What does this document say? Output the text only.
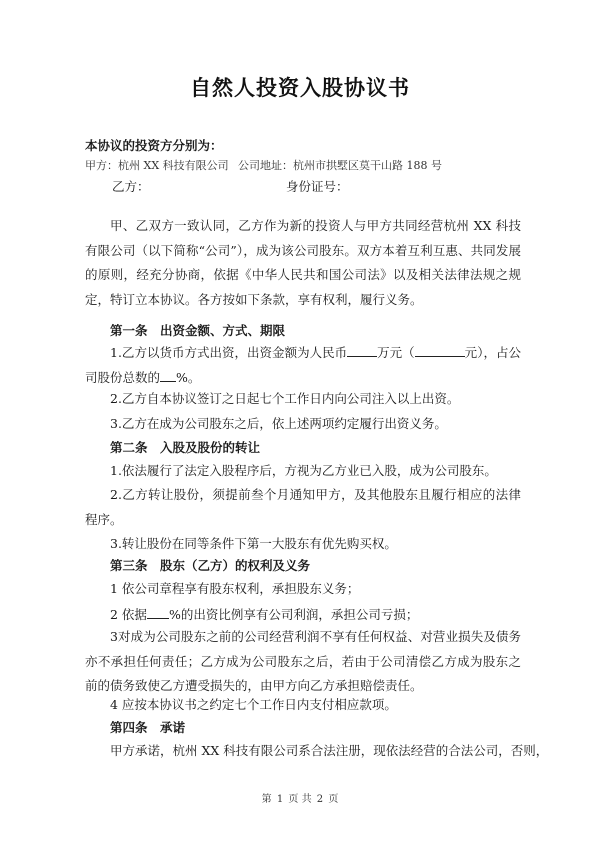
自然人投资入股协议书
本协议的投资方分别为：
甲方：杭州 XX 科技有限公司 公司地址：杭州市拱墅区莫干山路 188 号
乙方：	身份证号：
甲、乙双方一致认同，乙方作为新的投资人与甲方共同经营杭州 XX 科技有限公司（以下简称“公司”），成为该公司股东。双方本着互利互惠、共同发展的原则，经充分协商，依据《中华人民共和国公司法》以及相关法律法规之规定，特订立本协议。各方按如下条款，享有权利，履行义务。
第一条　出资金额、方式、期限
1.乙方以货币方式出资，出资金额为人民币 万元（	元），占公司股份总数的 %。
2.乙方自本协议签订之日起七个工作日内向公司注入以上出资。
3.乙方在成为公司股东之后，依上述两项约定履行出资义务。
第二条　入股及股份的转让
1.依法履行了法定入股程序后，方视为乙方业已入股，成为公司股东。
2.乙方转让股份，须提前叁个月通知甲方，及其他股东且履行相应的法律程序。
3.转让股份在同等条件下第一大股东有优先购买权。
第三条　股东（乙方）的权利及义务
1 依公司章程享有股东权利，承担股东义务；
2 依据 %的出资比例享有公司利润，承担公司亏损；
3对成为公司股东之前的公司经营利润不享有任何权益、对营业损失及债务亦不承担任何责任；乙方成为公司股东之后，若由于公司清偿乙方成为股东之前的债务致使乙方遭受损失的，由甲方向乙方承担赔偿责任。
4 应按本协议书之约定七个工作日内支付相应款项。
第四条　承诺
甲方承诺，杭州 XX 科技有限公司系合法注册，现依法经营的合法公司，否则，
第 1 页 共 2 页
